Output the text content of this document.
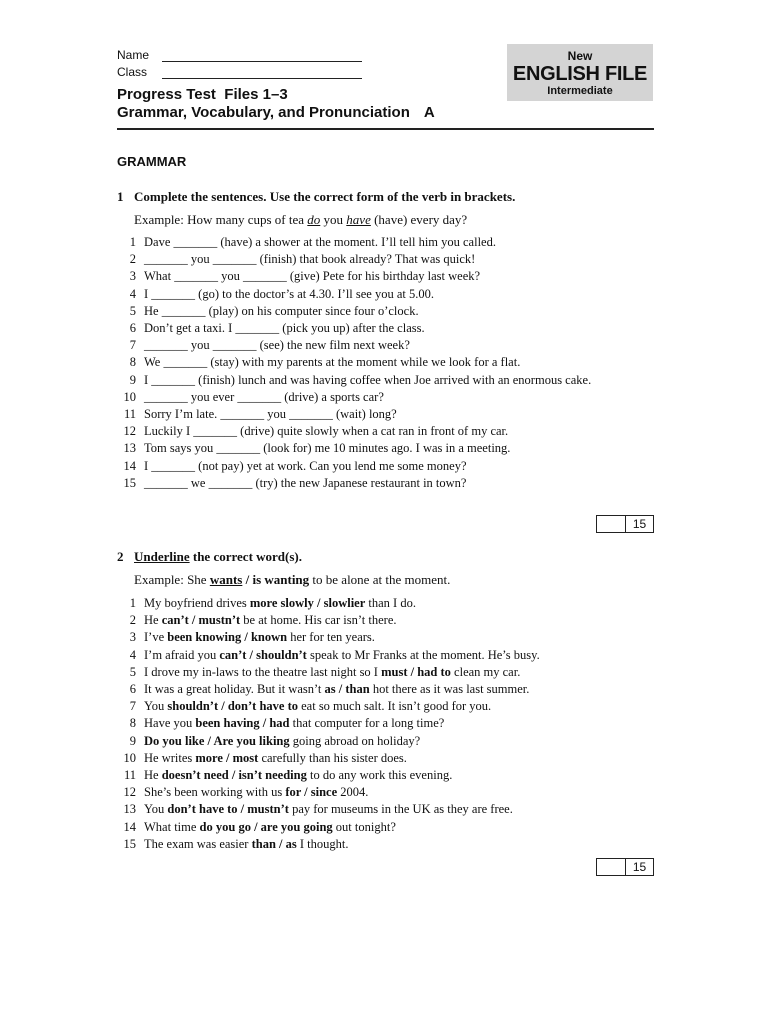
Name
Class
New
ENGLISH FILE
Intermediate
Progress Test Files 1–3
Grammar, Vocabulary, and Pronunciation A
GRAMMAR
1 Complete the sentences. Use the correct form of the verb in brackets.
Example: How many cups of tea do you have (have) every day?
1 Dave _______ (have) a shower at the moment. I’ll tell him you called.
2 _______ you _______ (finish) that book already? That was quick!
3 What _______ you _______ (give) Pete for his birthday last week?
4 I _______ (go) to the doctor’s at 4.30. I’ll see you at 5.00.
5 He _______ (play) on his computer since four o’clock.
6 Don’t get a taxi. I _______ (pick you up) after the class.
7 _______ you _______ (see) the new film next week?
8 We _______ (stay) with my parents at the moment while we look for a flat.
9 I _______ (finish) lunch and was having coffee when Joe arrived with an enormous cake.
10 _______ you ever _______ (drive) a sports car?
11 Sorry I’m late. _______ you _______ (wait) long?
12 Luckily I _______ (drive) quite slowly when a cat ran in front of my car.
13 Tom says you _______ (look for) me 10 minutes ago. I was in a meeting.
14 I _______ (not pay) yet at work. Can you lend me some money?
15 _______ we _______ (try) the new Japanese restaurant in town?
15
2 Underline the correct word(s).
Example: She wants / is wanting to be alone at the moment.
1 My boyfriend drives more slowly / slowlier than I do.
2 He can’t / mustn’t be at home. His car isn’t there.
3 I’ve been knowing / known her for ten years.
4 I’m afraid you can’t / shouldn’t speak to Mr Franks at the moment. He’s busy.
5 I drove my in-laws to the theatre last night so I must / had to clean my car.
6 It was a great holiday. But it wasn’t as / than hot there as it was last summer.
7 You shouldn’t / don’t have to eat so much salt. It isn’t good for you.
8 Have you been having / had that computer for a long time?
9 Do you like / Are you liking going abroad on holiday?
10 He writes more / most carefully than his sister does.
11 He doesn’t need / isn’t needing to do any work this evening.
12 She’s been working with us for / since 2004.
13 You don’t have to / mustn’t pay for museums in the UK as they are free.
14 What time do you go / are you going out tonight?
15 The exam was easier than / as I thought.
15
